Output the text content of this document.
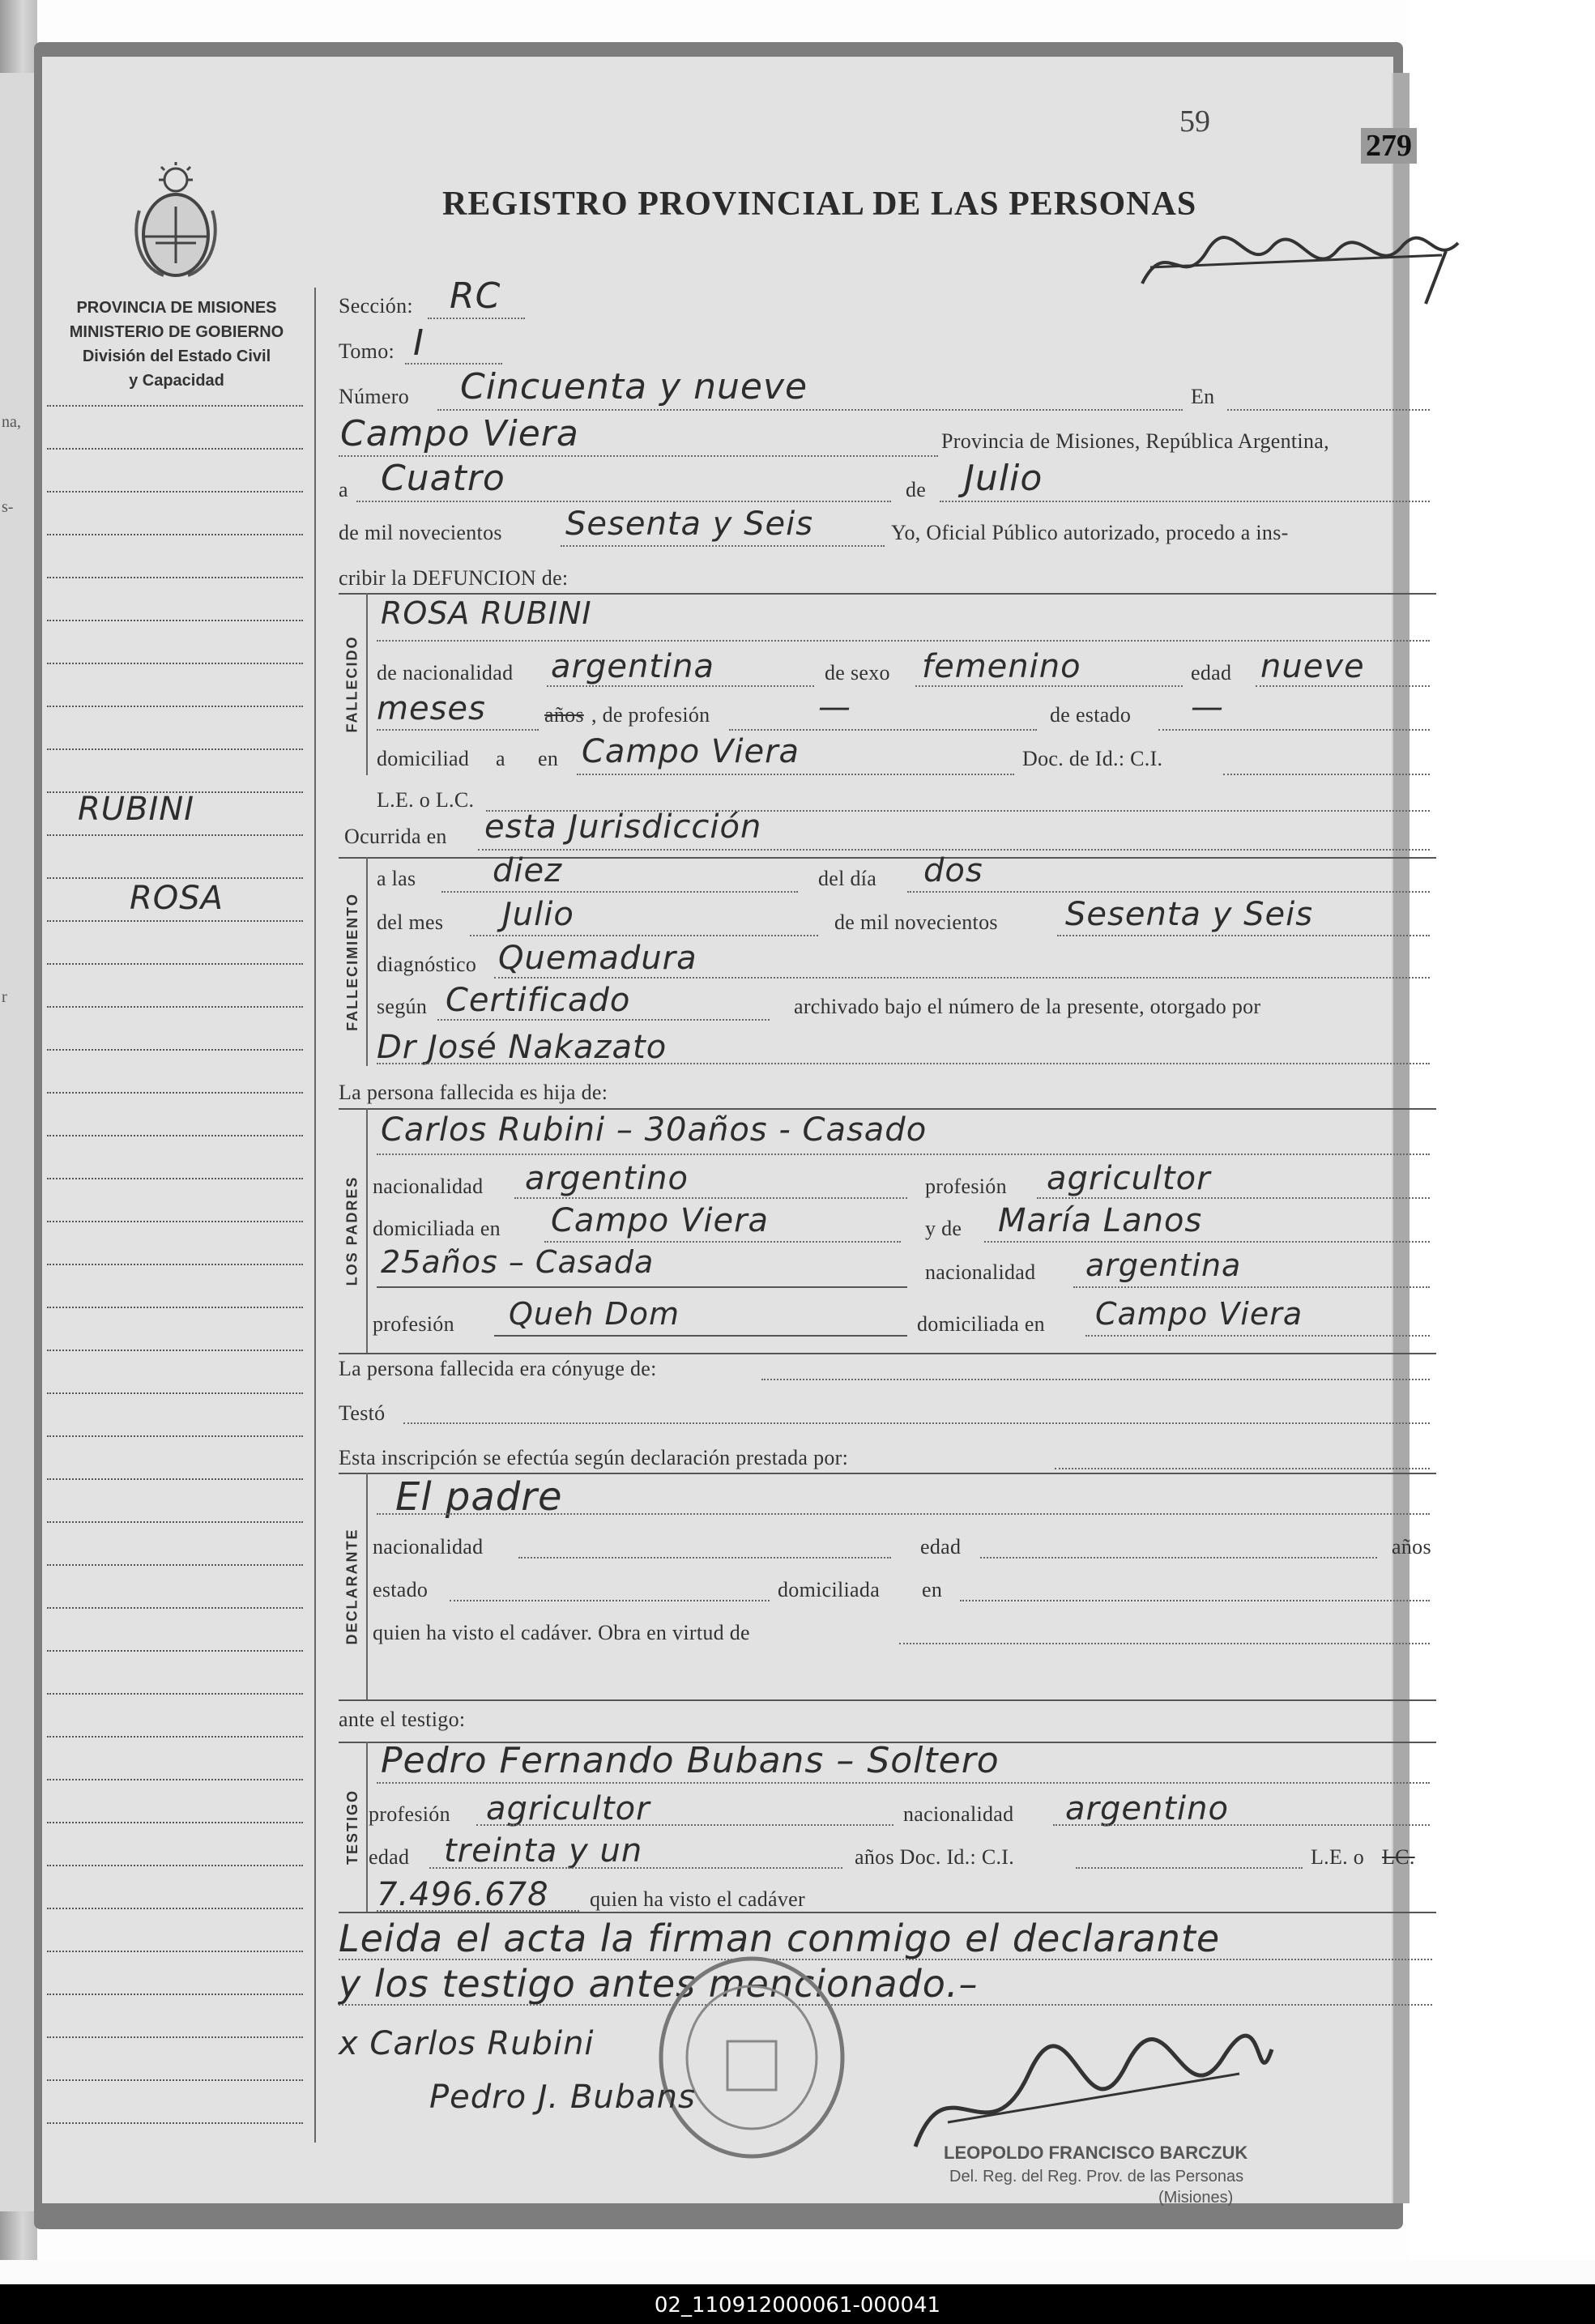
na,
s-
r
59
279
REGISTRO PROVINCIAL DE LAS PERSONAS
PROVINCIA DE MISIONES
MINISTERIO DE GOBIERNO
División del Estado Civil
y Capacidad
RUBINI
ROSA
Sección: RC
Tomo: I
Número Cincuenta y nueve	En
Campo Viera	Provincia de Misiones, República Argentina,
a Cuatro	de Julio
de mil novecientos Sesenta y Seis	Yo, Oficial Público autorizado, procedo a ins-
cribir la DEFUNCION de:
FALLECIDO
ROSA RUBINI
de nacionalidad argentina	de sexo femenino	edad nueve
meses	años , de profesión	—	de estado —
domiciliad a en Campo Viera	Doc. de Id.: C.I.
L.E. o L.C.
Ocurrida en esta Jurisdicción
FALLECIMIENTO
a las diez	del día dos
del mes Julio	de mil novecientos Sesenta y Seis
diagnóstico Quemadura
según Certificado	archivado bajo el número de la presente, otorgado por
Dr José Nakazato
La persona fallecida es hija de:
LOS PADRES
Carlos Rubini – 30años - Casado
nacionalidad argentino	profesión agricultor
domiciliada en Campo Viera	y de María Lanos
25años – Casada	nacionalidad argentina
profesión Queh Dom	domiciliada en Campo Viera
La persona fallecida era cónyuge de:
Testó
Esta inscripción se efectúa según declaración prestada por:
DECLARANTE
El padre
nacionalidad	edad	años
estado	domiciliada en
quien ha visto el cadáver. Obra en virtud de
ante el testigo:
TESTIGO
Pedro Fernando Bubans – Soltero
profesión agricultor	nacionalidad argentino
edad treinta y un	años Doc. Id.: C.I.	L.E. o LC.
7.496.678 quien ha visto el cadáver
Leida el acta la firman conmigo el declarante
y los testigo antes mencionado.–
x Carlos Rubini
Pedro J. Bubans
LEOPOLDO FRANCISCO BARCZUK
Del. Reg. del Reg. Prov. de las Personas
(Misiones)
02_110912000061-000041
